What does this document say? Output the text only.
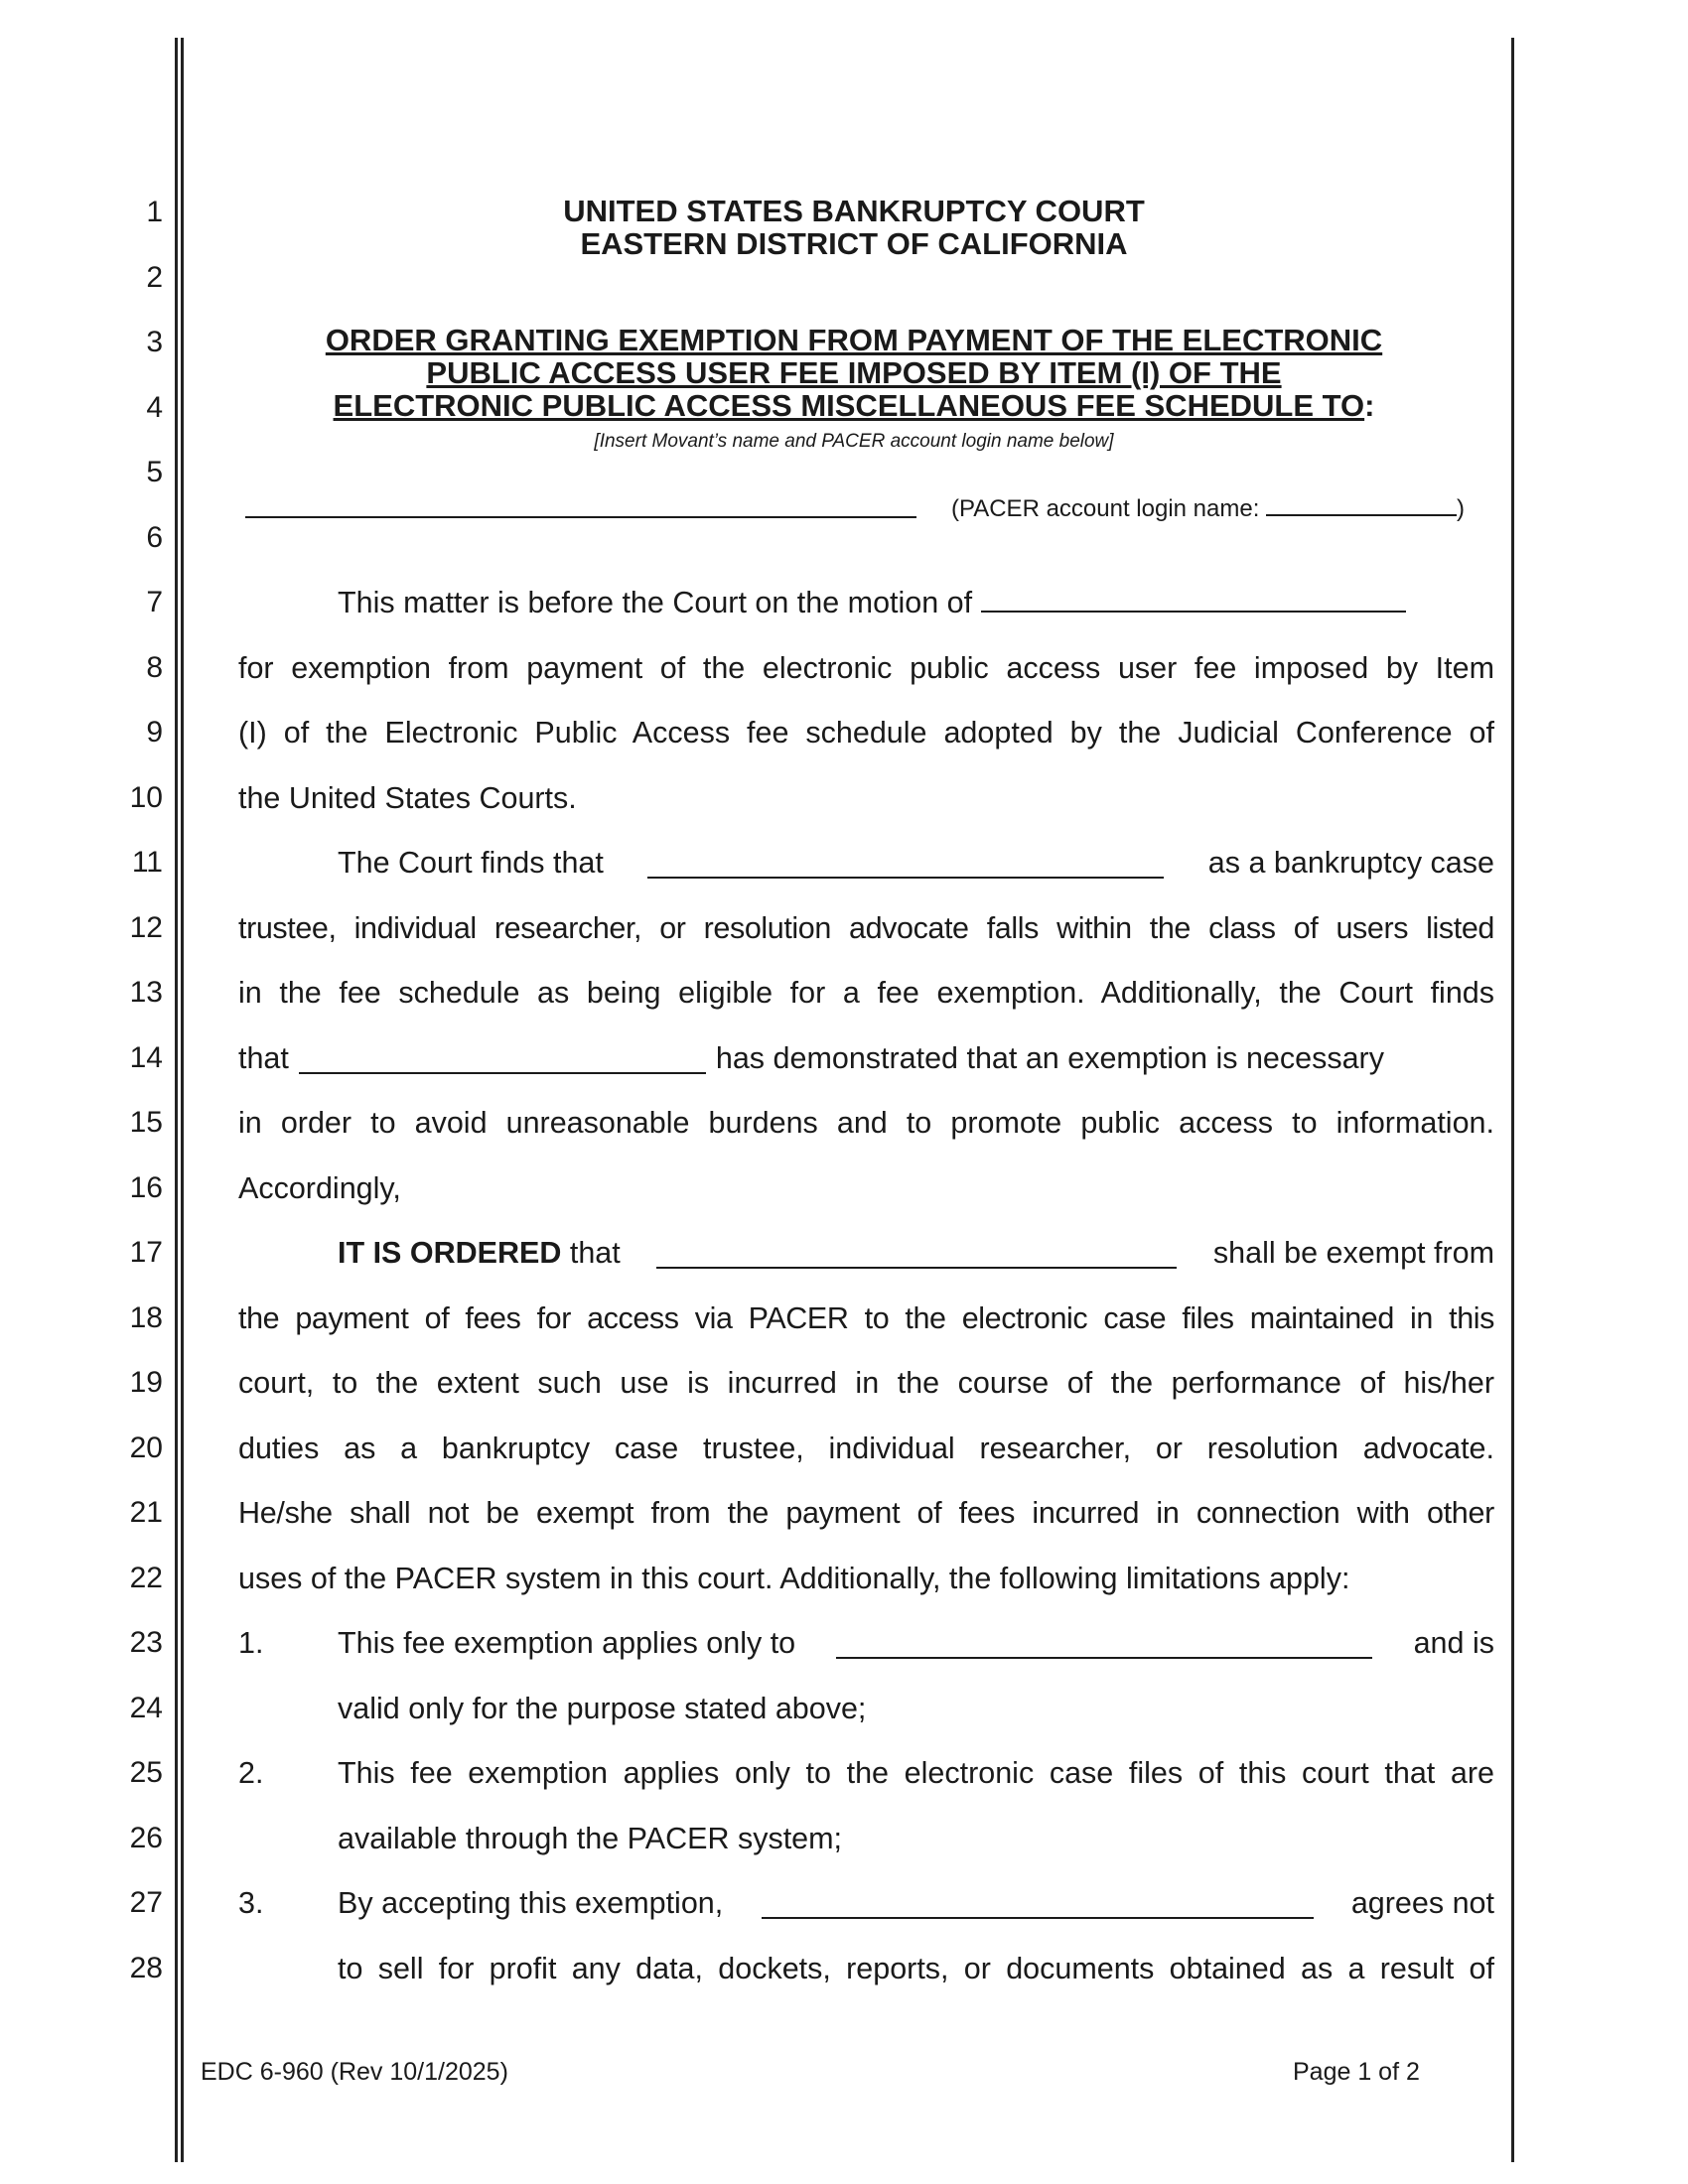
1
2
3
4
5
6
7
8
9
10
11
12
13
14
15
16
17
18
19
20
21
22
23
24
25
26
27
28
UNITED STATES BANKRUPTCY COURT
EASTERN DISTRICT OF CALIFORNIA
ORDER GRANTING EXEMPTION FROM PAYMENT OF THE ELECTRONIC
PUBLIC ACCESS USER FEE IMPOSED BY ITEM (I) OF THE
ELECTRONIC PUBLIC ACCESS MISCELLANEOUS FEE SCHEDULE TO:
[Insert Movant’s name and PACER account login name below]
(PACER account login name:	)
This matter is before the Court on the motion of
for exemption from payment of the electronic public access user fee imposed by Item
(I) of the Electronic Public Access fee schedule adopted by the Judicial Conference of
the United States Courts.
The Court finds that	as a bankruptcy case
trustee, individual researcher, or resolution advocate falls within the class of users listed
in the fee schedule as being eligible for a fee exemption. Additionally, the Court finds
that	has demonstrated that an exemption is necessary
in order to avoid unreasonable burdens and to promote public access to information.
Accordingly,
IT IS ORDERED that	shall be exempt from
the payment of fees for access via PACER to the electronic case files maintained in this
court, to the extent such use is incurred in the course of the performance of his/her
duties as a bankruptcy case trustee, individual researcher, or resolution advocate.
He/she shall not be exempt from the payment of fees incurred in connection with other
uses of the PACER system in this court. Additionally, the following limitations apply:
1. This fee exemption applies only to	and is
valid only for the purpose stated above;
2. This fee exemption applies only to the electronic case files of this court that are
available through the PACER system;
3. By accepting this exemption,	agrees not
to sell for profit any data, dockets, reports, or documents obtained as a result of
EDC 6-960 (Rev 10/1/2025)	Page 1 of 2
